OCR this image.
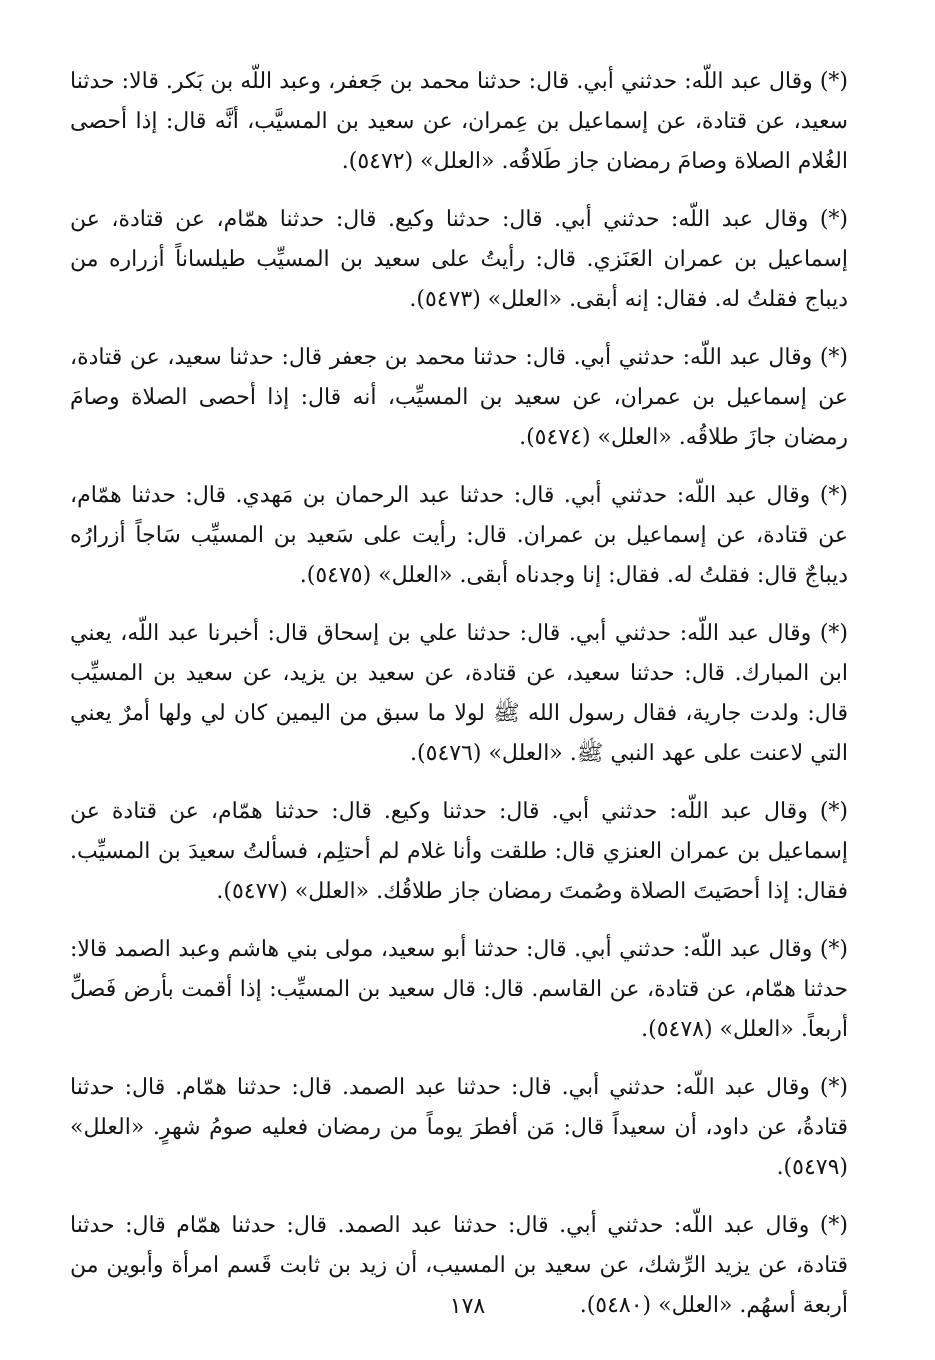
(*) وقال عبد اللّه: حدثني أبي. قال: حدثنا محمد بن جَعفر، وعبد اللّه بن بَكر. قالا: حدثنا سعيد، عن قتادة، عن إسماعيل بن عِمران، عن سعيد بن المسيَّب، أنَّه قال: إذا أحصى الغُلام الصلاة وصامَ رمضان جاز طَلاقُه. «العلل» (٥٤٧٢).

(*) وقال عبد اللّه: حدثني أبي. قال: حدثنا وكيع. قال: حدثنا همّام، عن قتادة، عن إسماعيل بن عمران العَنَزي. قال: رأيتُ على سعيد بن المسيِّب طيلساناً أزراره من ديباج فقلتُ له. فقال: إنه أبقى. «العلل» (٥٤٧٣).

(*) وقال عبد اللّه: حدثني أبي. قال: حدثنا محمد بن جعفر قال: حدثنا سعيد، عن قتادة، عن إسماعيل بن عمران، عن سعيد بن المسيِّب، أنه قال: إذا أحصى الصلاة وصامَ رمضان جازَ طلاقُه. «العلل» (٥٤٧٤).

(*) وقال عبد اللّه: حدثني أبي. قال: حدثنا عبد الرحمان بن مَهدي. قال: حدثنا همّام، عن قتادة، عن إسماعيل بن عمران. قال: رأيت على سَعيد بن المسيِّب سَاجاً أزرارُه ديباجٌ قال: فقلتُ له. فقال: إنا وجدناه أبقى. «العلل» (٥٤٧٥).

(*) وقال عبد اللّه: حدثني أبي. قال: حدثنا علي بن إسحاق قال: أخبرنا عبد اللّه، يعني ابن المبارك. قال: حدثنا سعيد، عن قتادة، عن سعيد بن يزيد، عن سعيد بن المسيِّب قال: ولدت جارية، فقال رسول الله ﷺ لولا ما سبق من اليمين كان لي ولها أمرٌ يعني التي لاعنت على عهد النبي ﷺ. «العلل» (٥٤٧٦).

(*) وقال عبد اللّه: حدثني أبي. قال: حدثنا وكيع. قال: حدثنا همّام، عن قتادة عن إسماعيل بن عمران العنزي قال: طلقت وأنا غلام لم أحتلِم، فسألتُ سعيدَ بن المسيِّب. فقال: إذا أحصَيتَ الصلاة وصُمتَ رمضان جاز طلاقُك. «العلل» (٥٤٧٧).

(*) وقال عبد اللّه: حدثني أبي. قال: حدثنا أبو سعيد، مولى بني هاشم وعبد الصمد قالا: حدثنا همّام، عن قتادة، عن القاسم. قال: قال سعيد بن المسيِّب: إذا أقمت بأرض فَصلِّ أربعاً. «العلل» (٥٤٧٨).

(*) وقال عبد اللّه: حدثني أبي. قال: حدثنا عبد الصمد. قال: حدثنا همّام. قال: حدثنا قتادةُ، عن داود، أن سعيداً قال: مَن أفطرَ يوماً من رمضان فعليه صومُ شهرٍ. «العلل» (٥٤٧٩).

(*) وقال عبد اللّه: حدثني أبي. قال: حدثنا عبد الصمد. قال: حدثنا همّام قال: حدثنا قتادة، عن يزيد الرِّشك، عن سعيد بن المسيب، أن زيد بن ثابت قَسم امرأة وأبوين من أربعة أسهُم. «العلل» (٥٤٨٠).

١٧٨
